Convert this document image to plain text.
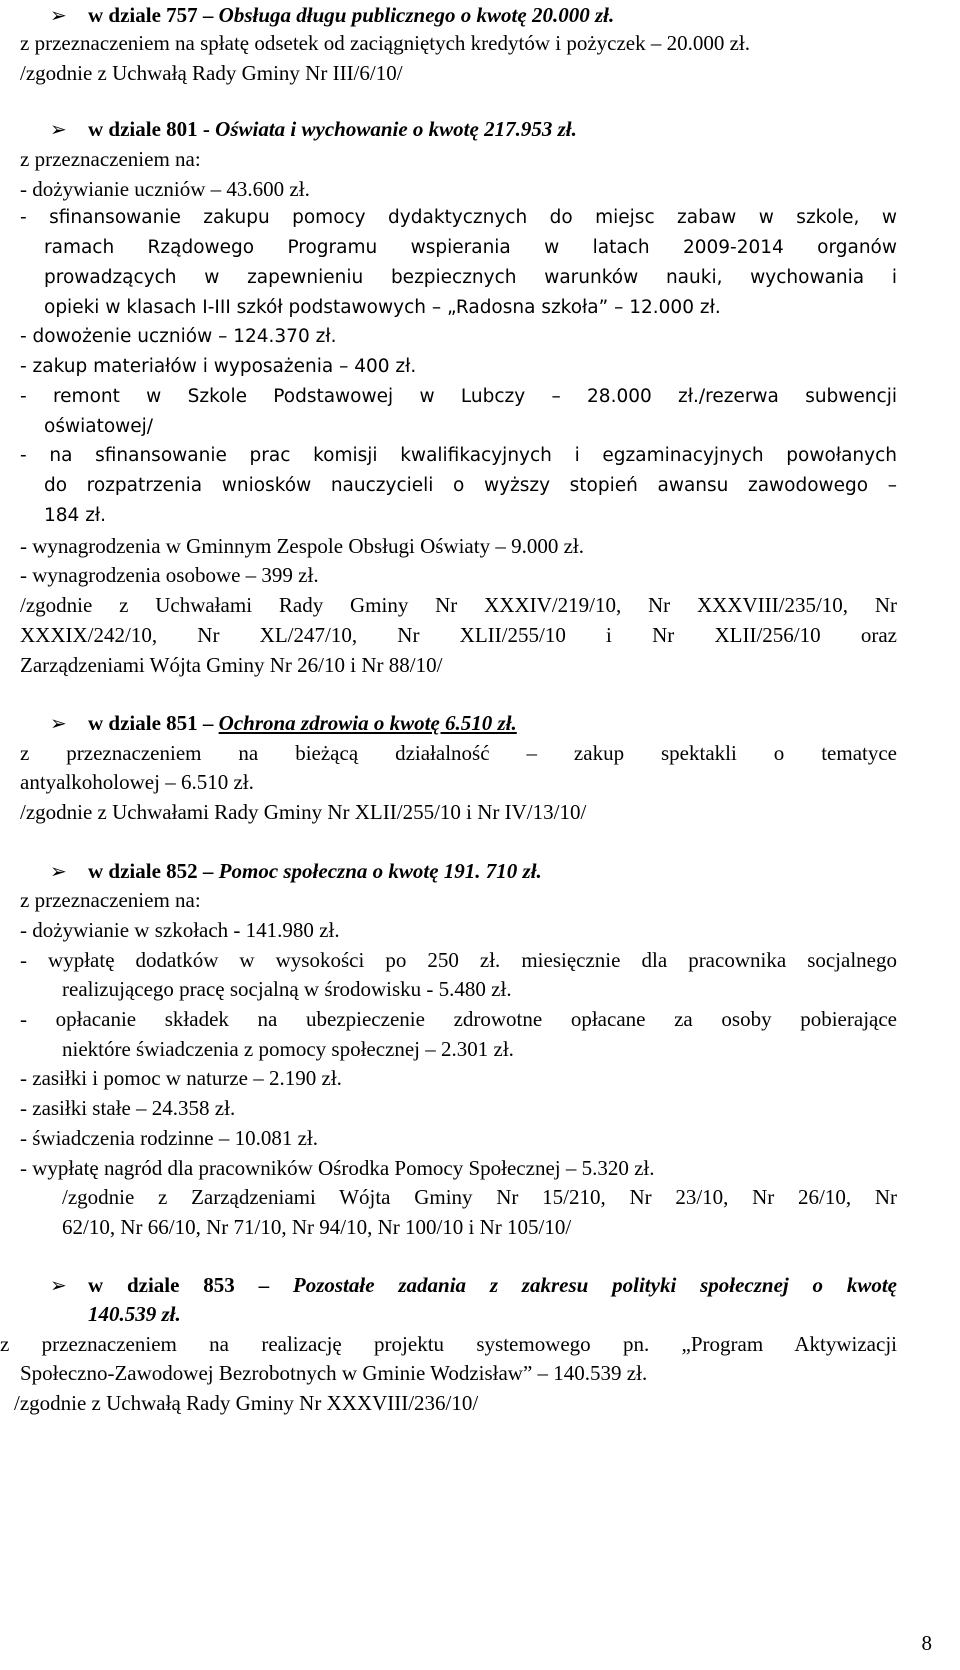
➢ w dziale 757 – Obsługa długu publicznego o kwotę 20.000 zł.
z przeznaczeniem na spłatę odsetek od zaciągniętych kredytów i pożyczek – 20.000 zł.
/zgodnie z Uchwałą Rady Gminy Nr III/6/10/
➢ w dziale 801 - Oświata i wychowanie o kwotę 217.953 zł.
z przeznaczeniem na:
- dożywianie uczniów – 43.600 zł.
- sfinansowanie zakupu pomocy dydaktycznych do miejsc zabaw w szkole, w
ramach Rządowego Programu wspierania w latach 2009-2014 organów
prowadzących w zapewnieniu bezpiecznych warunków nauki, wychowania i
opieki w klasach I-III szkół podstawowych – „Radosna szkoła” – 12.000 zł.
- dowożenie uczniów – 124.370 zł.
- zakup materiałów i wyposażenia – 400 zł.
- remont w Szkole Podstawowej w Lubczy – 28.000 zł./rezerwa subwencji
oświatowej/
- na sfinansowanie prac komisji kwalifikacyjnych i egzaminacyjnych powołanych
do rozpatrzenia wniosków nauczycieli o wyższy stopień awansu zawodowego –
184 zł.
- wynagrodzenia w Gminnym Zespole Obsługi Oświaty – 9.000 zł.
- wynagrodzenia osobowe – 399 zł.
/zgodnie z Uchwałami Rady Gminy Nr XXXIV/219/10, Nr XXXVIII/235/10, Nr
XXXIX/242/10, Nr XL/247/10, Nr XLII/255/10 i Nr XLII/256/10 oraz
Zarządzeniami Wójta Gminy Nr 26/10 i Nr 88/10/
➢ w dziale 851 – Ochrona zdrowia o kwotę 6.510 zł.
z przeznaczeniem na bieżącą działalność – zakup spektakli o tematyce
antyalkoholowej – 6.510 zł.
/zgodnie z Uchwałami Rady Gminy Nr XLII/255/10 i Nr IV/13/10/
➢ w dziale 852 – Pomoc społeczna o kwotę 191. 710 zł.
z przeznaczeniem na:
- dożywianie w szkołach - 141.980 zł.
- wypłatę dodatków w wysokości po 250 zł. miesięcznie dla pracownika socjalnego
realizującego pracę socjalną w środowisku - 5.480 zł.
- opłacanie składek na ubezpieczenie zdrowotne opłacane za osoby pobierające
niektóre świadczenia z pomocy społecznej – 2.301 zł.
- zasiłki i pomoc w naturze – 2.190 zł.
- zasiłki stałe – 24.358 zł.
- świadczenia rodzinne – 10.081 zł.
- wypłatę nagród dla pracowników Ośrodka Pomocy Społecznej – 5.320 zł.
/zgodnie z Zarządzeniami Wójta Gminy Nr 15/210, Nr 23/10, Nr 26/10, Nr
62/10, Nr 66/10, Nr 71/10, Nr 94/10, Nr 100/10 i Nr 105/10/
➢ w dziale 853 – Pozostałe zadania z zakresu polityki społecznej o kwotę
140.539 zł.
z przeznaczeniem na realizację projektu systemowego pn. „Program Aktywizacji
Społeczno-Zawodowej Bezrobotnych w Gminie Wodzisław” – 140.539 zł.
/zgodnie z Uchwałą Rady Gminy Nr XXXVIII/236/10/
8
